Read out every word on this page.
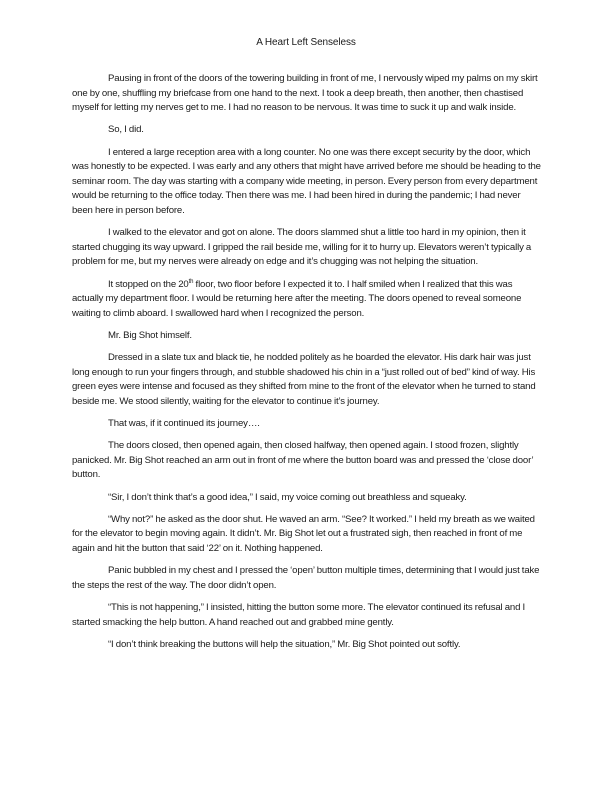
A Heart Left Senseless

Pausing in front of the doors of the towering building in front of me, I nervously wiped my palms on my skirt one by one, shuffling my briefcase from one hand to the next. I took a deep breath, then another, then chastised myself for letting my nerves get to me. I had no reason to be nervous. It was time to suck it up and walk inside.

So, I did.

I entered a large reception area with a long counter. No one was there except security by the door, which was honestly to be expected. I was early and any others that might have arrived before me should be heading to the seminar room. The day was starting with a company wide meeting, in person. Every person from every department would be returning to the office today. Then there was me. I had been hired in during the pandemic; I had never been here in person before.

I walked to the elevator and got on alone. The doors slammed shut a little too hard in my opinion, then it started chugging its way upward. I gripped the rail beside me, willing for it to hurry up. Elevators weren’t typically a problem for me, but my nerves were already on edge and it’s chugging was not helping the situation.

It stopped on the 20th floor, two floor before I expected it to. I half smiled when I realized that this was actually my department floor. I would be returning here after the meeting. The doors opened to reveal someone waiting to climb aboard. I swallowed hard when I recognized the person.

Mr. Big Shot himself.

Dressed in a slate tux and black tie, he nodded politely as he boarded the elevator. His dark hair was just long enough to run your fingers through, and stubble shadowed his chin in a “just rolled out of bed” kind of way. His green eyes were intense and focused as they shifted from mine to the front of the elevator when he turned to stand beside me. We stood silently, waiting for the elevator to continue it’s journey.

That was, if it continued its journey….

The doors closed, then opened again, then closed halfway, then opened again. I stood frozen, slightly panicked. Mr. Big Shot reached an arm out in front of me where the button board was and pressed the ‘close door’ button.

“Sir, I don’t think that’s a good idea,” I said, my voice coming out breathless and squeaky.

“Why not?” he asked as the door shut. He waved an arm. “See? It worked.” I held my breath as we waited for the elevator to begin moving again. It didn’t. Mr. Big Shot let out a frustrated sigh, then reached in front of me again and hit the button that said ‘22’ on it. Nothing happened.

Panic bubbled in my chest and I pressed the ‘open’ button multiple times, determining that I would just take the steps the rest of the way. The door didn’t open.

“This is not happening,” I insisted, hitting the button some more. The elevator continued its refusal and I started smacking the help button. A hand reached out and grabbed mine gently.

“I don’t think breaking the buttons will help the situation,” Mr. Big Shot pointed out softly.
